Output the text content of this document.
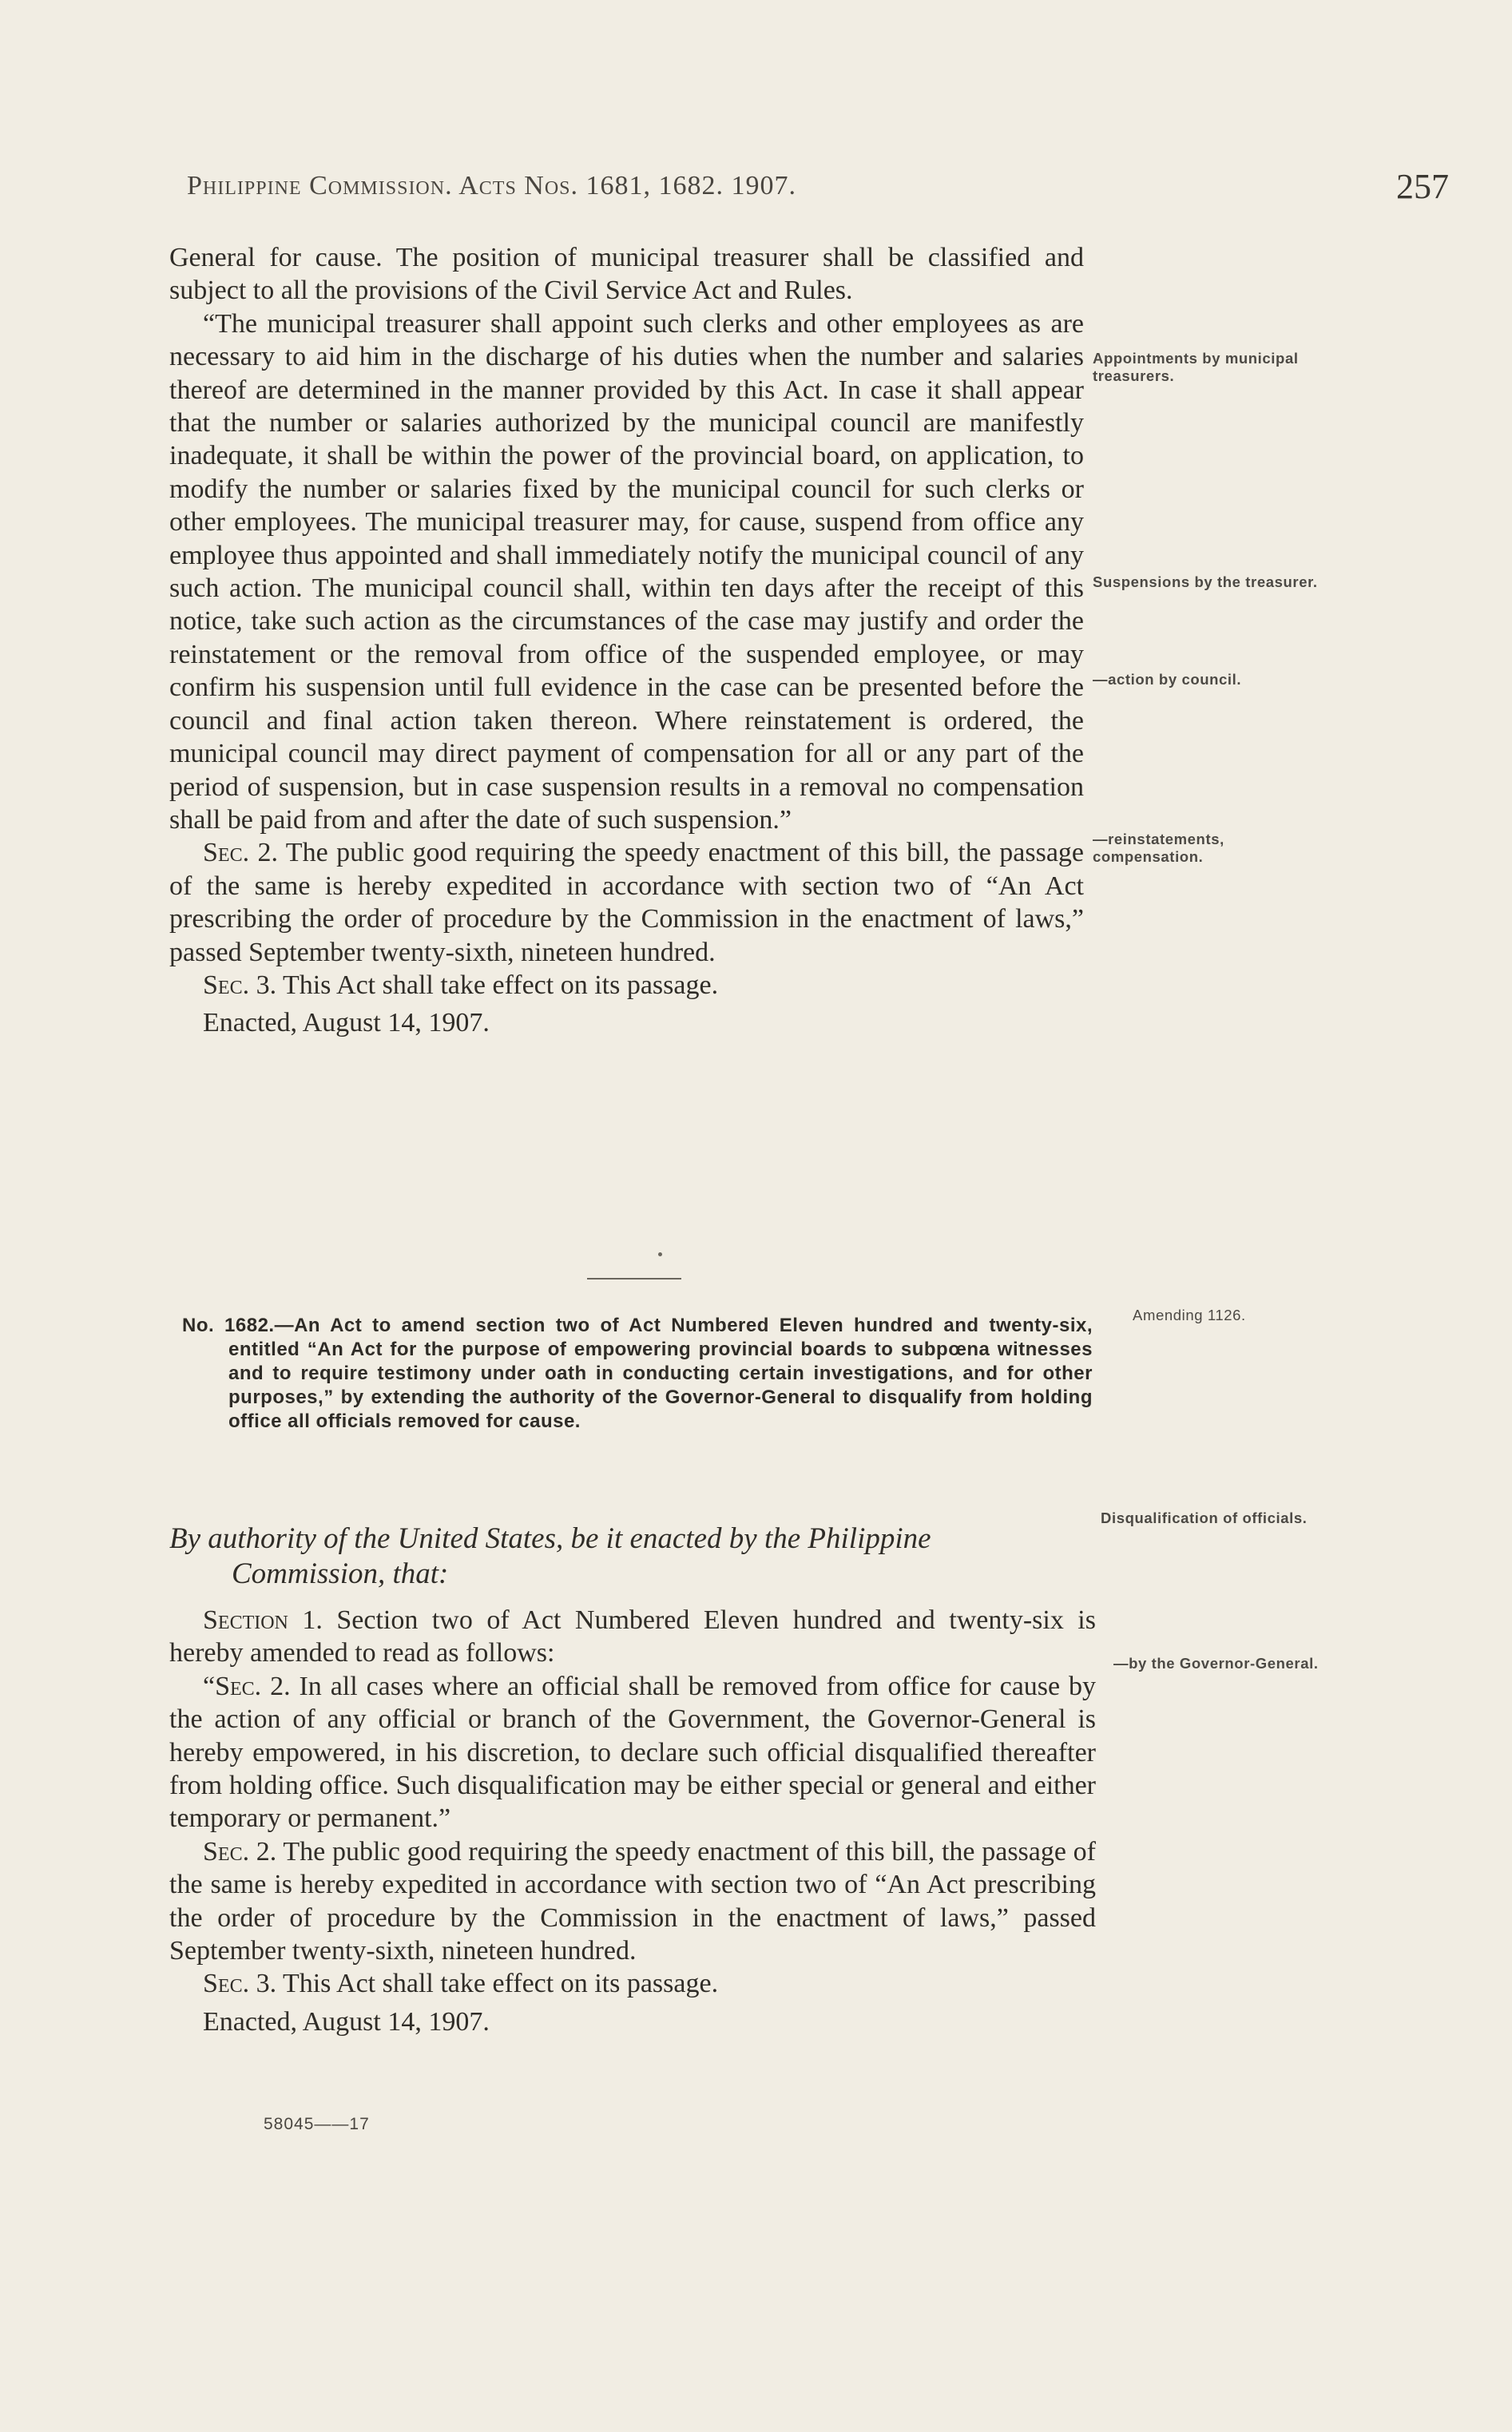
Philippine Commission. Acts Nos. 1681, 1682. 1907.	257

General for cause. The position of municipal treasurer shall be classified and subject to all the provisions of the Civil Service Act and Rules.

“The municipal treasurer shall appoint such clerks and other employees as are necessary to aid him in the discharge of his duties when the number and salaries thereof are determined in the manner provided by this Act. In case it shall appear that the number or salaries authorized by the municipal council are manifestly inadequate, it shall be within the power of the provincial board, on application, to modify the number or salaries fixed by the municipal council for such clerks or other employees. The municipal treasurer may, for cause, suspend from office any employee thus appointed and shall immediately notify the municipal council of any such action. The municipal council shall, within ten days after the receipt of this notice, take such action as the circumstances of the case may justify and order the reinstatement or the removal from office of the suspended employee, or may confirm his suspension until full evidence in the case can be presented before the council and final action taken thereon. Where reinstatement is ordered, the municipal council may direct payment of compensation for all or any part of the period of suspension, but in case suspension results in a removal no compensation shall be paid from and after the date of such suspension.”

Sec. 2. The public good requiring the speedy enactment of this bill, the passage of the same is hereby expedited in accordance with section two of “An Act prescribing the order of procedure by the Commission in the enactment of laws,” passed September twenty-sixth, nineteen hundred.

Sec. 3. This Act shall take effect on its passage.

Enacted, August 14, 1907.

Appointments by municipal treasurers.
Suspensions by the treasurer.
—action by council.
—reinstatements, compensation.
No. 1682.—An Act to amend section two of Act Numbered Eleven hundred and twenty-six, entitled “An Act for the purpose of empowering provincial boards to subpœna witnesses and to require testimony under oath in conducting certain investigations, and for other purposes,” by extending the authority of the Governor-General to disqualify from holding office all officials removed for cause.
Amending 1126.
By authority of the United States, be it enacted by the Philippine
Commission, that:
Disqualification of officials.

Section 1. Section two of Act Numbered Eleven hundred and twenty-six is hereby amended to read as follows:

“Sec. 2. In all cases where an official shall be removed from office for cause by the action of any official or branch of the Government, the Governor-General is hereby empowered, in his discretion, to declare such official disqualified thereafter from holding office. Such disqualification may be either special or general and either temporary or permanent.”

Sec. 2. The public good requiring the speedy enactment of this bill, the passage of the same is hereby expedited in accordance with section two of “An Act prescribing the order of procedure by the Commission in the enactment of laws,” passed September twenty-sixth, nineteen hundred.

Sec. 3. This Act shall take effect on its passage.

Enacted, August 14, 1907.

—by the Governor-General.
58045——17
